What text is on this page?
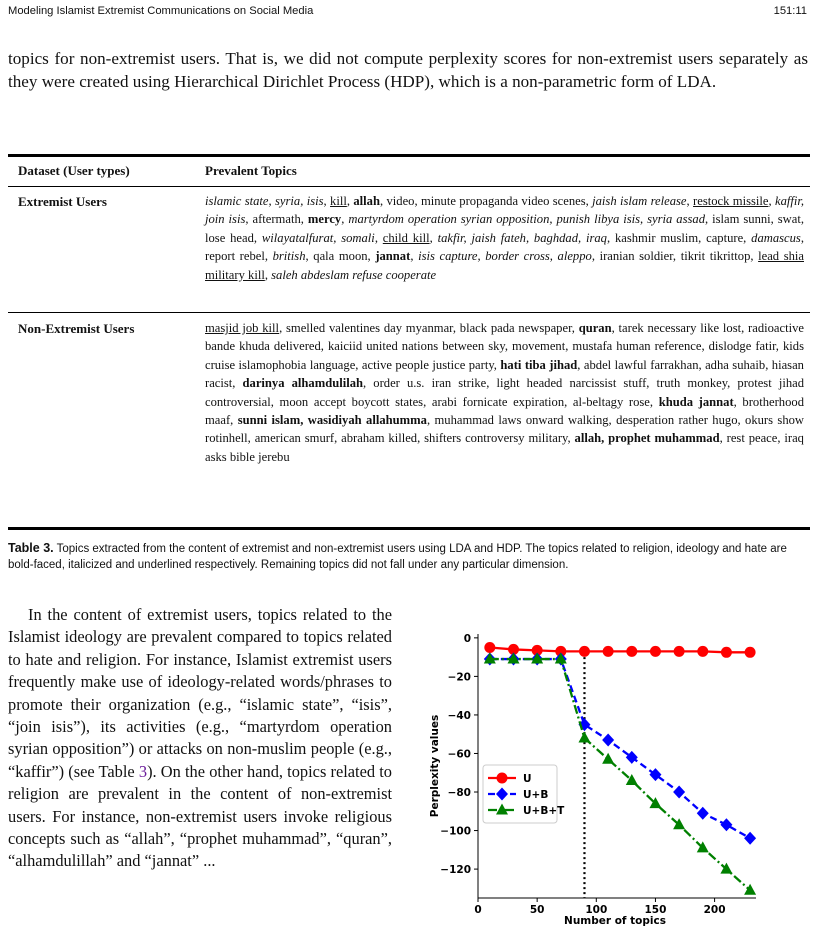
Modeling Islamist Extremist Communications on Social Media	151:11

topics for non-extremist users. That is, we did not compute perplexity scores for non-extremist users separately as they were created using Hierarchical Dirichlet Process (HDP), which is a non-parametric form of LDA.

Dataset (User types)	Prevalent Topics
Extremist Users	islamic state, syria, isis, kill, allah, video, minute propaganda video scenes, jaish islam release, restock missile, kaffir, join isis, aftermath, mercy, martyrdom operation syrian opposition, punish libya isis, syria assad, islam sunni, swat, lose head, wilayatalfurat, somali, child kill, takfir, jaish fateh, baghdad, iraq, kashmir muslim, capture, damascus, report rebel, british, qala moon, jannat, isis capture, border cross, aleppo, iranian soldier, tikrit tikrittop, lead shia military kill, saleh abdeslam refuse cooperate

Non-Extremist Users	masjid job kill, smelled valentines day myanmar, black pada newspaper, quran, tarek necessary like lost, radioactive bande khuda delivered, kaiciid united nations between sky, movement, mustafa human reference, dislodge fatir, kids cruise islamophobia language, active people justice party, hati tiba jihad, abdel lawful farrakhan, adha suhaib, hiasan racist, darinya alhamdulilah, order u.s. iran strike, light headed narcissist stuff, truth monkey, protest jihad controversial, moon accept boycott states, arabi fornicate expiration, al-beltagy rose, khuda jannat, brotherhood maaf, sunni islam, wasidiyah allahumma, muhammad laws onward walking, desperation rather hugo, okurs show rotinhell, american smurf, abraham killed, shifters controversy military, allah, prophet muhammad, rest peace, iraq asks bible jerebu

Table 3. Topics extracted from the content of extremist and non-extremist users using LDA and HDP. The topics related to religion, ideology and hate are bold-faced, italicized and underlined respectively. Remaining topics did not fall under any particular dimension.

In the content of extremist users, topics related to the Islamist ideology are prevalent compared to topics related to hate and religion. For instance, Islamist extremist users frequently make use of ideology-related words/phrases to promote their organization (e.g., “islamic state”, “isis”, “join isis”), its activities (e.g., “martyrdom operation syrian opposition”) or attacks on non-muslim people (e.g., “kaffir”) (see Table 3). On the other hand, topics related to religion are prevalent in the content of non-extremist users. For instance, non-extremist users invoke religious concepts such as “allah”, “prophet muhammad”, “quran”, “alhamdulillah” and “jannat” ...

0	50	100	150	200
0
−20
−40
−60
−80
−100
−120
Number of topics
Perplexity values	U
U+B
U+B+T
